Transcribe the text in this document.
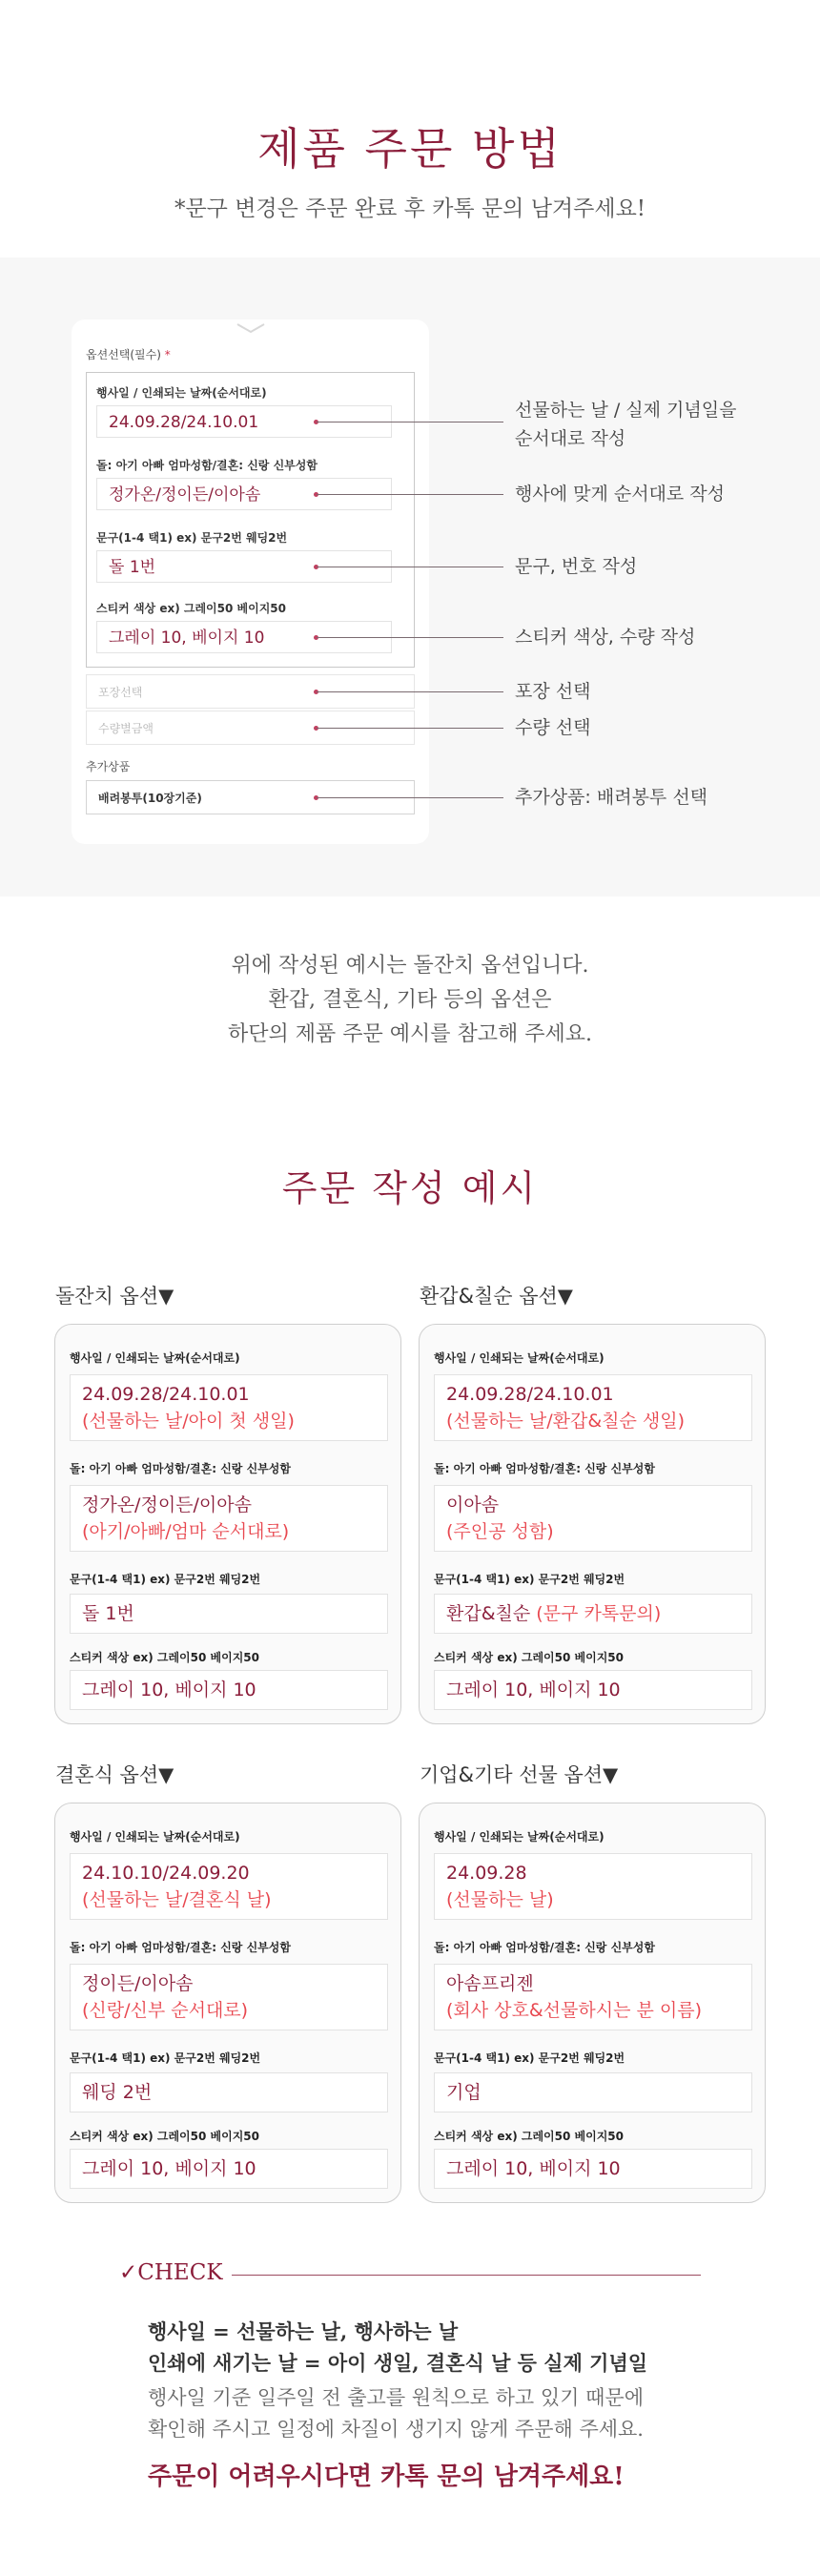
제품 주문 방법
*문구 변경은 주문 완료 후 카톡 문의 남겨주세요!
옵션선택(필수) *
행사일 / 인쇄되는 날짜(순서대로)
24.09.28/24.10.01
돌: 아기 아빠 엄마성함/결혼: 신랑 신부성함
정가온/정이든/이아솜
문구(1-4 택1) ex) 문구2번 웨딩2번
돌 1번
스티커 색상 ex) 그레이50 베이지50
그레이 10, 베이지 10
포장선택
수량별금액
추가상품
배려봉투(10장기준)
선물하는 날 / 실제 기념일을
순서대로 작성
행사에 맞게 순서대로 작성
문구, 번호 작성
스티커 색상, 수량 작성
포장 선택
수량 선택
추가상품: 배려봉투 선택
위에 작성된 예시는 돌잔치 옵션입니다.
환갑, 결혼식, 기타 등의 옵션은
하단의 제품 주문 예시를 참고해 주세요.
주문 작성 예시
돌잔치 옵션▼
행사일 / 인쇄되는 날짜(순서대로)
24.09.28/24.10.01
(선물하는 날/아이 첫 생일)
돌: 아기 아빠 엄마성함/결혼: 신랑 신부성함
정가온/정이든/이아솜
(아기/아빠/엄마 순서대로)
문구(1-4 택1) ex) 문구2번 웨딩2번
돌 1번
스티커 색상 ex) 그레이50 베이지50
그레이 10, 베이지 10
환갑&칠순 옵션▼
행사일 / 인쇄되는 날짜(순서대로)
24.09.28/24.10.01
(선물하는 날/환갑&칠순 생일)
돌: 아기 아빠 엄마성함/결혼: 신랑 신부성함
이아솜
(주인공 성함)
문구(1-4 택1) ex) 문구2번 웨딩2번
환갑&칠순 (문구 카톡문의)
스티커 색상 ex) 그레이50 베이지50
그레이 10, 베이지 10
결혼식 옵션▼
행사일 / 인쇄되는 날짜(순서대로)
24.10.10/24.09.20
(선물하는 날/결혼식 날)
돌: 아기 아빠 엄마성함/결혼: 신랑 신부성함
정이든/이아솜
(신랑/신부 순서대로)
문구(1-4 택1) ex) 문구2번 웨딩2번
웨딩 2번
스티커 색상 ex) 그레이50 베이지50
그레이 10, 베이지 10
기업&기타 선물 옵션▼
행사일 / 인쇄되는 날짜(순서대로)
24.09.28
(선물하는 날)
돌: 아기 아빠 엄마성함/결혼: 신랑 신부성함
아솜프리젠
(회사 상호&선물하시는 분 이름)
문구(1-4 택1) ex) 문구2번 웨딩2번
기업
스티커 색상 ex) 그레이50 베이지50
그레이 10, 베이지 10
✓CHECK
행사일 = 선물하는 날, 행사하는 날
인쇄에 새기는 날 = 아이 생일, 결혼식 날 등 실제 기념일
행사일 기준 일주일 전 출고를 원칙으로 하고 있기 때문에
확인해 주시고 일정에 차질이 생기지 않게 주문해 주세요.
주문이 어려우시다면 카톡 문의 남겨주세요!
